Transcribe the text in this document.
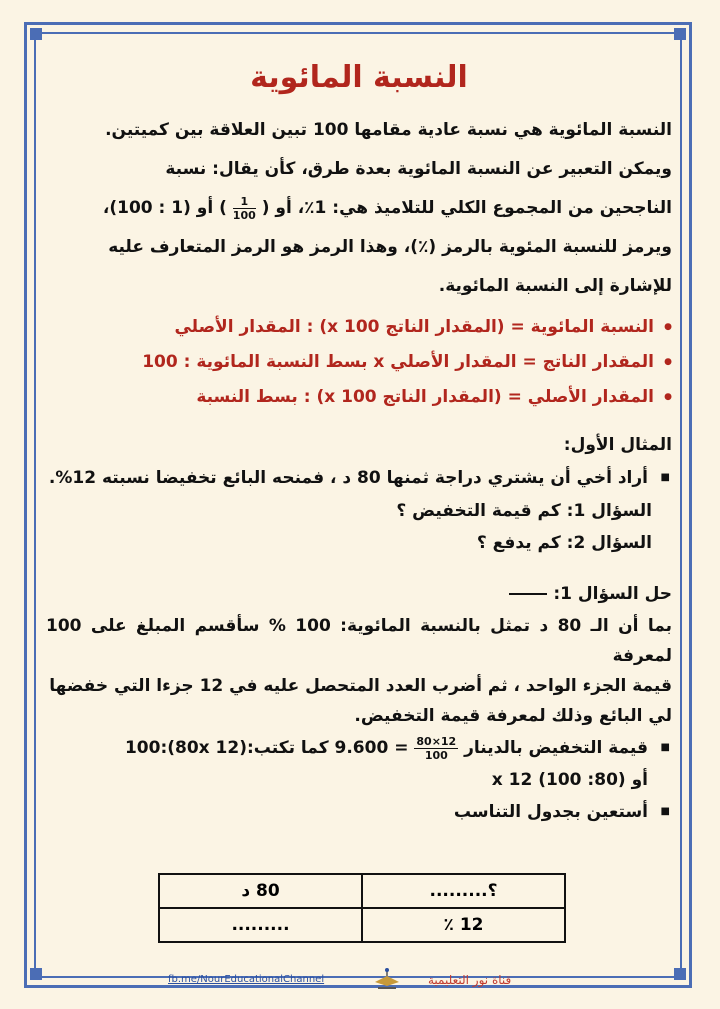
النسبة المائوية

النسبة المائوية هي نسبة عادية مقامها 100 تبين العلاقة بين كميتين.

ويمكن التعبير عن النسبة المائوية بعدة طرق، كأن يقال: نسبة

الناجحين من المجموع الكلي للتلاميذ هي: 1٪، أو (
$\frac{1}{100}$
) أو (1 : 100)،

ويرمز للنسبة المئوية بالرمز (٪)، وهذا الرمز هو الرمز المتعارف عليه

للإشارة إلى النسبة المائوية.

● النسبة المائوية = (المقدار الناتج x 100) : المقدار الأصلي
● المقدار الناتج = المقدار الأصلي x بسط النسبة المائوية : 100
● المقدار الأصلي = (المقدار الناتج x 100) : بسط النسبة
المثال الأول:
■ أراد أخي أن يشتري دراجة ثمنها 80 د ، فمنحه البائع تخفيضا نسبته 12%.

السؤال 1: كم قيمة التخفيض ؟

السؤال 2: كم يدفع ؟

حل السؤال 1:

بما أن الـ 80 د تمثل بالنسبة المائوية: 100 % سأقسم المبلغ على 100 لمعرفة

قيمة الجزء الواحد ، ثم أضرب العدد المتحصل عليه في 12 جزءا التي خفضها

لي البائع وذلك لمعرفة قيمة التخفيض.

■ قيمة التخفيض بالدينار
$\frac{12\times 80}{100}$
= 9.600 كما تكتب:(80x 12):100

أو (80: 100) x 12

■ أستعين بجدول التناسب
80 د	؟.........
.........	12 ٪
fb.me/NourEducationalChannel	قناة نور التعليمية
